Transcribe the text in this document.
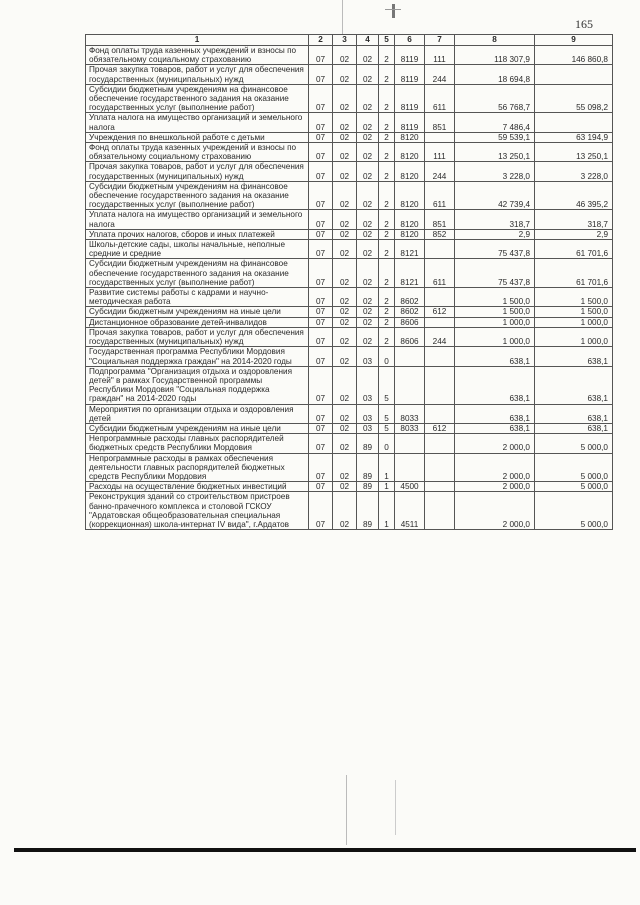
165
1	2	3	4	5	6	7	8	9
Фонд оплаты труда казенных учреждений и взносы по обязательному социальному страхованию	07	02	02	2	8119	111	118 307,9	146 860,8
Прочая закупка товаров, работ и услуг для обеспечения государственных (муниципальных) нужд	07	02	02	2	8119	244	18 694,8	
Субсидии бюджетным учреждениям на финансовое обеспечение государственного задания на оказание государственных услуг (выполнение работ)	07	02	02	2	8119	611	56 768,7	55 098,2
Уплата налога на имущество организаций и земельного налога	07	02	02	2	8119	851	7 486,4	
Учреждения по внешкольной работе с детьми	07	02	02	2	8120		59 539,1	63 194,9
Фонд оплаты труда казенных учреждений и взносы по обязательному социальному страхованию	07	02	02	2	8120	111	13 250,1	13 250,1
Прочая закупка товаров, работ и услуг для обеспечения государственных (муниципальных) нужд	07	02	02	2	8120	244	3 228,0	3 228,0
Субсидии бюджетным учреждениям на финансовое обеспечение государственного задания на оказание государственных услуг (выполнение работ)	07	02	02	2	8120	611	42 739,4	46 395,2
Уплата налога на имущество организаций и земельного налога	07	02	02	2	8120	851	318,7	318,7
Уплата прочих налогов, сборов и иных платежей	07	02	02	2	8120	852	2,9	2,9
Школы-детские сады, школы начальные, неполные средние и средние	07	02	02	2	8121		75 437,8	61 701,6
Субсидии бюджетным учреждениям на финансовое обеспечение государственного задания на оказание государственных услуг (выполнение работ)	07	02	02	2	8121	611	75 437,8	61 701,6
Развитие системы работы с кадрами и научно-методическая работа	07	02	02	2	8602		1 500,0	1 500,0
Субсидии бюджетным учреждениям на иные цели	07	02	02	2	8602	612	1 500,0	1 500,0
Дистанционное образование детей-инвалидов	07	02	02	2	8606		1 000,0	1 000,0
Прочая закупка товаров, работ и услуг для обеспечения государственных (муниципальных) нужд	07	02	02	2	8606	244	1 000,0	1 000,0
Государственная программа Республики Мордовия "Социальная поддержка граждан" на 2014-2020 годы	07	02	03	0			638,1	638,1
Подпрограмма "Организация отдыха и оздоровления детей" в рамках Государственной программы Республики Мордовия "Социальная поддержка граждан" на 2014-2020 годы	07	02	03	5			638,1	638,1
Мероприятия по организации отдыха и оздоровления детей	07	02	03	5	8033		638,1	638,1
Субсидии бюджетным учреждениям на иные цели	07	02	03	5	8033	612	638,1	638,1
Непрограммные расходы главных распорядителей бюджетных средств Республики Мордовия	07	02	89	0			2 000,0	5 000,0
Непрограммные расходы в рамках обеспечения деятельности главных распорядителей бюджетных средств Республики Мордовия	07	02	89	1			2 000,0	5 000,0
Расходы на осуществление бюджетных инвестиций	07	02	89	1	4500		2 000,0	5 000,0
Реконструкция зданий со строительством пристроев банно-прачечного комплекса и столовой ГСКОУ "Ардатовская общеобразовательная специальная (коррекционная) школа-интернат IV вида", г.Ардатов	07	02	89	1	4511		2 000,0	5 000,0
